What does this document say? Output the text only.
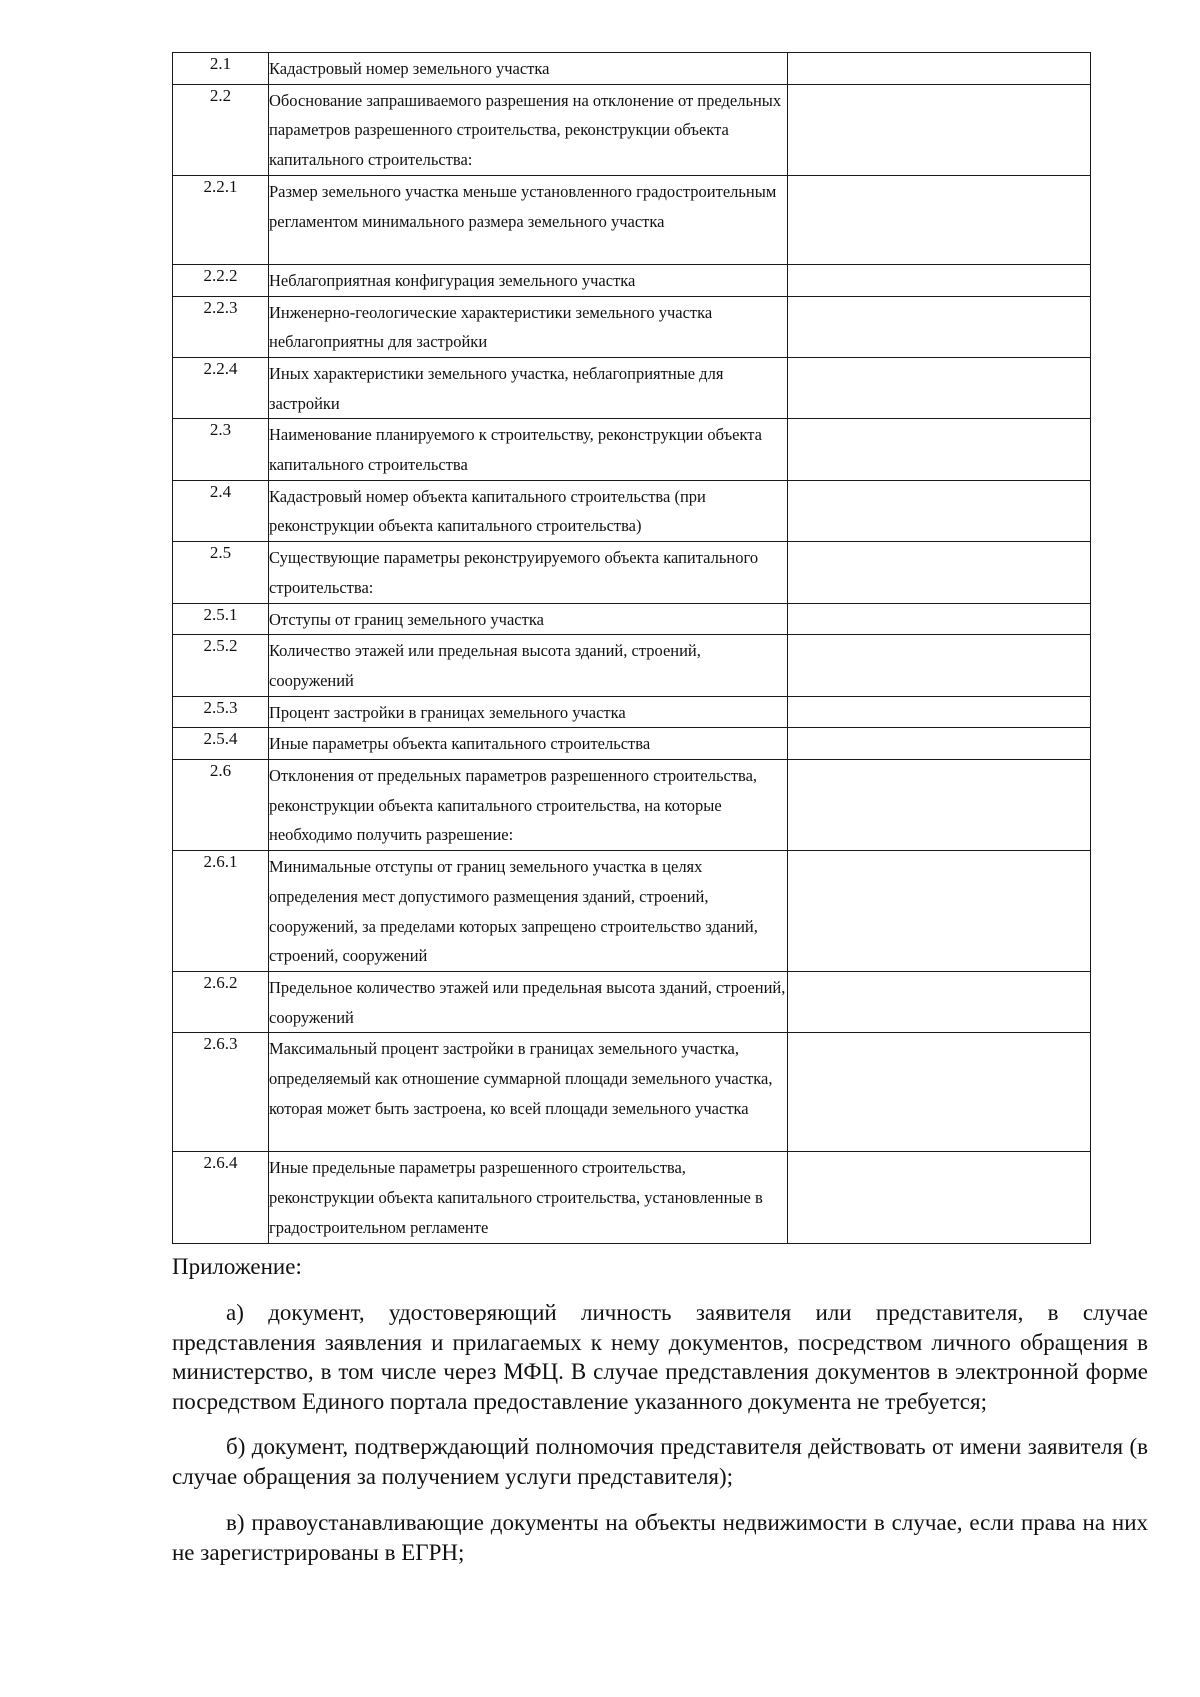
2.1	Кадастровый номер земельного участка	

2.2	Обоснование запрашиваемого разрешения на отклонение от предельных параметров разрешенного строительства, реконструкции объекта капитального строительства:	

2.2.1	Размер земельного участка меньше установленного градостроительным регламентом минимального размера земельного участка	

2.2.2	Неблагоприятная конфигурация земельного участка	

2.2.3	Инженерно-геологические характеристики земельного участка неблагоприятны для застройки	

2.2.4	Иных характеристики земельного участка, неблагоприятные для застройки	

2.3	Наименование планируемого к строительству, реконструкции объекта капитального строительства	

2.4	Кадастровый номер объекта капитального строительства (при реконструкции объекта капитального строительства)	

2.5	Существующие параметры реконструируемого объекта капитального строительства:	

2.5.1	Отступы от границ земельного участка	

2.5.2	Количество этажей или предельная высота зданий, строений, сооружений	

2.5.3	Процент застройки в границах земельного участка	

2.5.4	Иные параметры объекта капитального строительства	

2.6	Отклонения от предельных параметров разрешенного строительства, реконструкции объекта капитального строительства, на которые необходимо получить разрешение:	

2.6.1	Минимальные отступы от границ земельного участка в целях определения мест допустимого размещения зданий, строений, сооружений, за пределами которых запрещено строительство зданий, строений, сооружений	

2.6.2	Предельное количество этажей или предельная высота зданий, строений, сооружений	

2.6.3	Максимальный процент застройки в границах земельного участка, определяемый как отношение суммарной площади земельного участка, которая может быть застроена, ко всей площади земельного участка	

2.6.4	Иные предельные параметры разрешенного строительства, реконструкции объекта капитального строительства, установленные в градостроительном регламенте	

Приложение:

а) документ, удостоверяющий личность заявителя или представителя, в случае представления заявления и прилагаемых к нему документов, посредством личного обращения в министерство, в том числе через МФЦ. В случае представления документов в электронной форме посредством Единого портала предоставление указанного документа не требуется;

б) документ, подтверждающий полномочия представителя действовать от имени заявителя (в случае обращения за получением услуги представителя);

в) правоустанавливающие документы на объекты недвижимости в случае, если права на них не зарегистрированы в ЕГРН;
